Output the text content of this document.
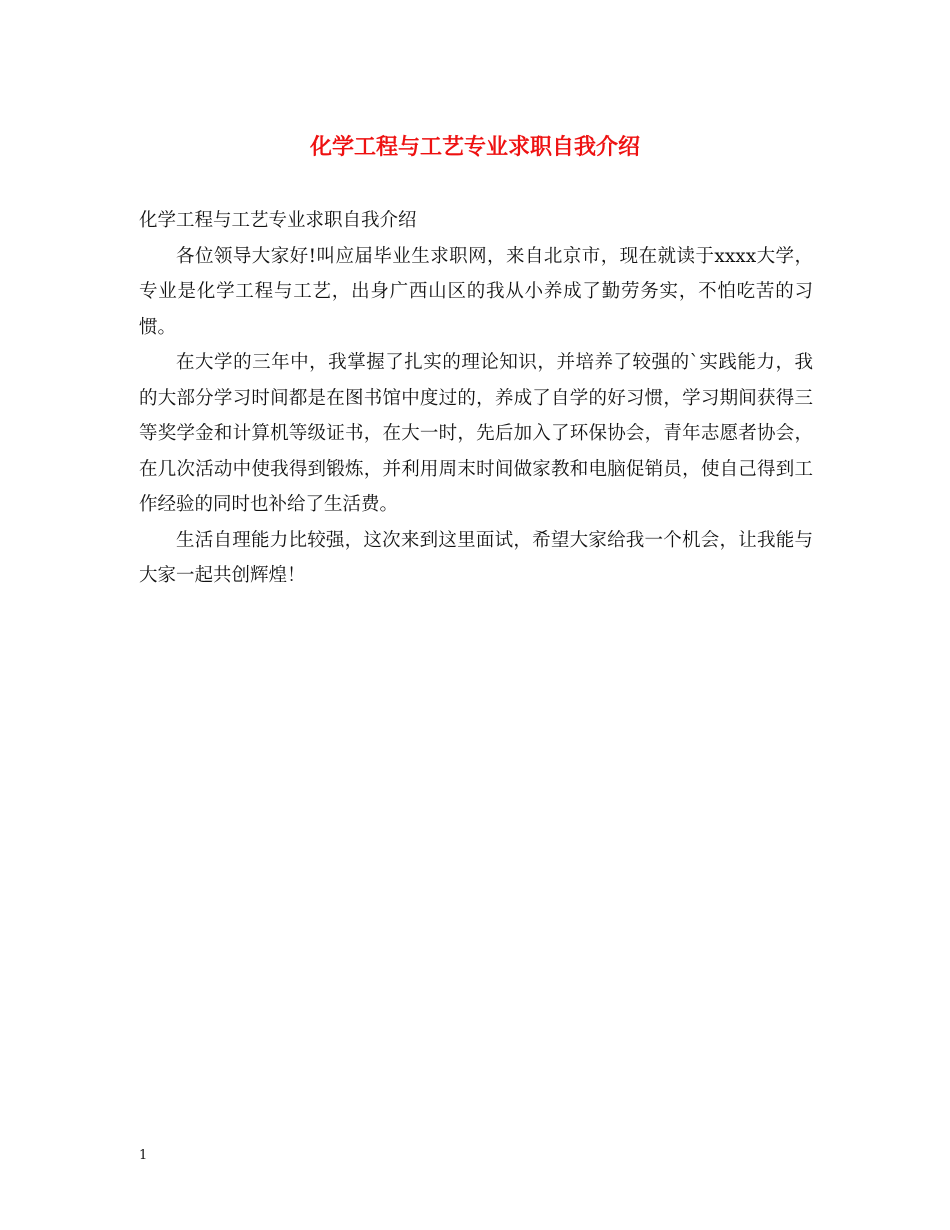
化学工程与工艺专业求职自我介绍

化学工程与工艺专业求职自我介绍

各位领导大家好!叫应届毕业生求职网，来自北京市，现在就读于xxxx大学，专业是化学工程与工艺，出身广西山区的我从小养成了勤劳务实，不怕吃苦的习惯。

在大学的三年中，我掌握了扎实的理论知识，并培养了较强的`实践能力，我的大部分学习时间都是在图书馆中度过的，养成了自学的好习惯，学习期间获得三等奖学金和计算机等级证书，在大一时，先后加入了环保协会，青年志愿者协会，在几次活动中使我得到锻炼，并利用周末时间做家教和电脑促销员，使自己得到工作经验的同时也补给了生活费。

生活自理能力比较强，这次来到这里面试，希望大家给我一个机会，让我能与大家一起共创辉煌！

1
